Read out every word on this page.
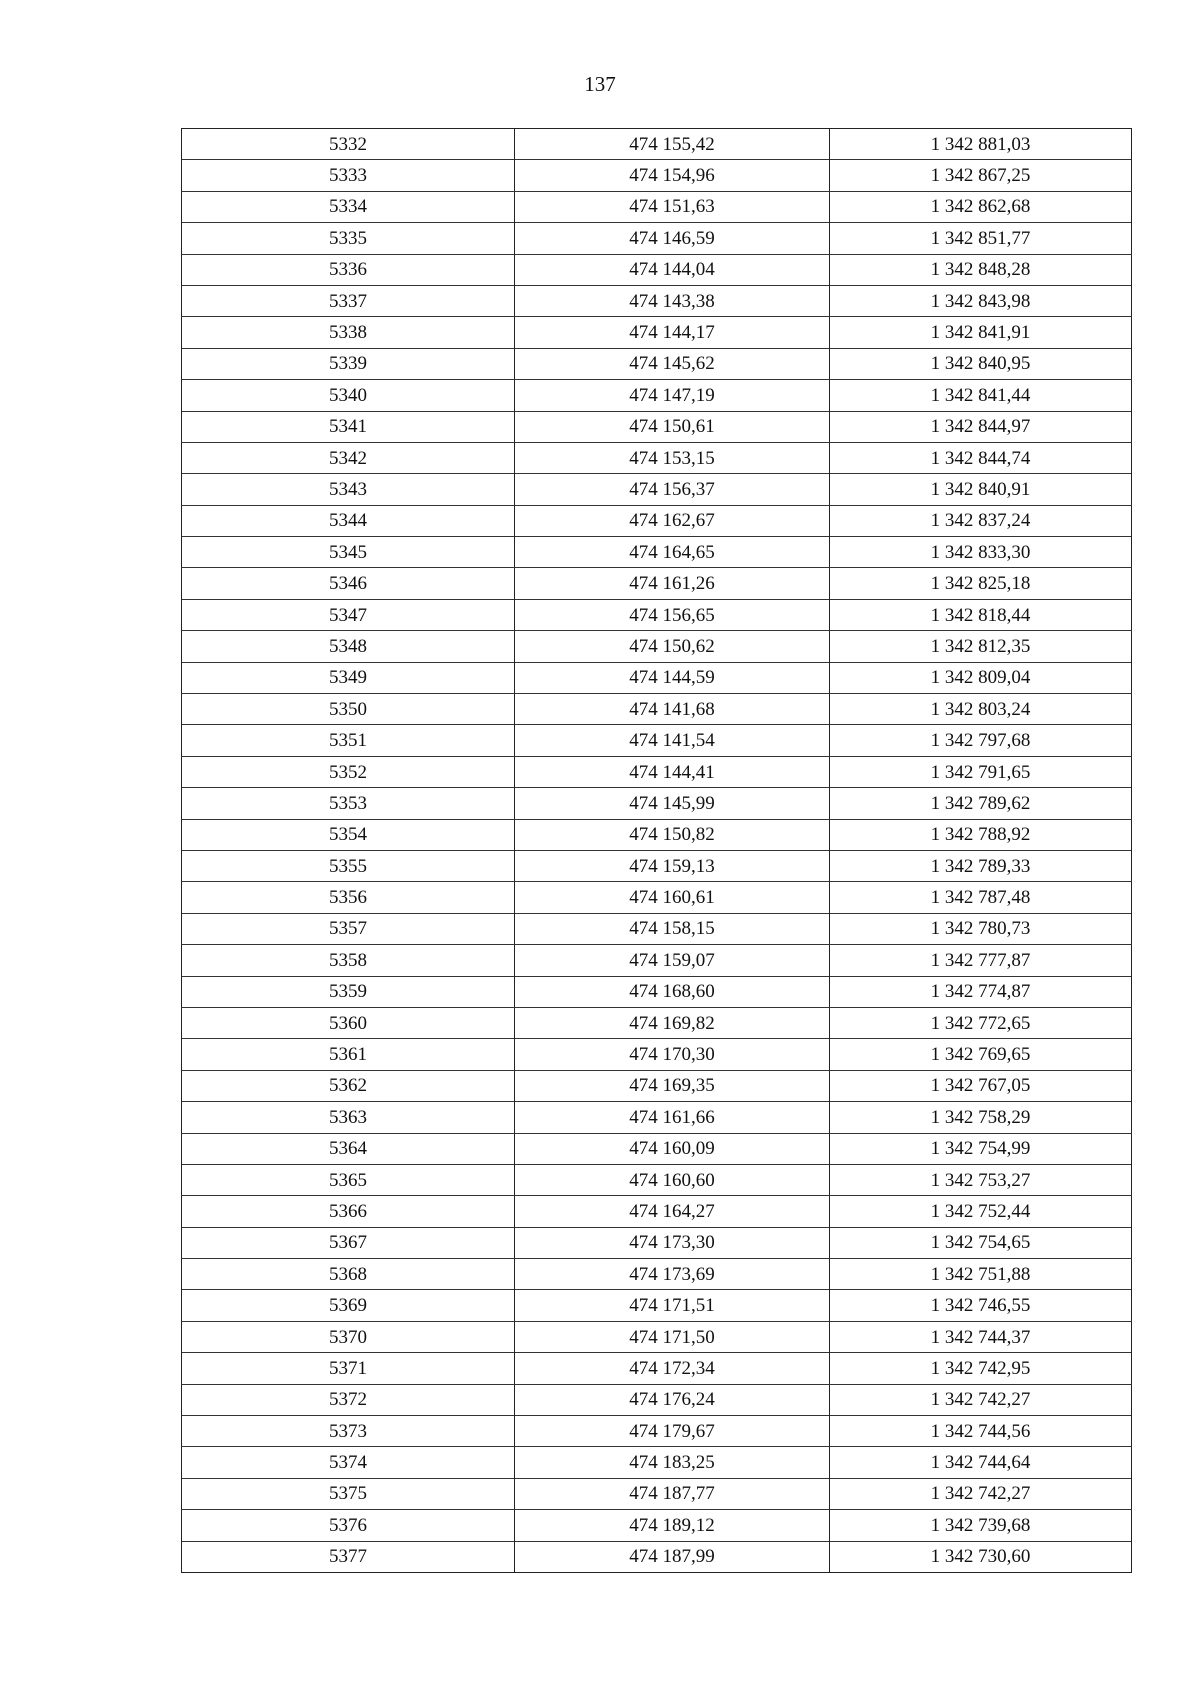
137
5332	474 155,42	1 342 881,03
5333	474 154,96	1 342 867,25
5334	474 151,63	1 342 862,68
5335	474 146,59	1 342 851,77
5336	474 144,04	1 342 848,28
5337	474 143,38	1 342 843,98
5338	474 144,17	1 342 841,91
5339	474 145,62	1 342 840,95
5340	474 147,19	1 342 841,44
5341	474 150,61	1 342 844,97
5342	474 153,15	1 342 844,74
5343	474 156,37	1 342 840,91
5344	474 162,67	1 342 837,24
5345	474 164,65	1 342 833,30
5346	474 161,26	1 342 825,18
5347	474 156,65	1 342 818,44
5348	474 150,62	1 342 812,35
5349	474 144,59	1 342 809,04
5350	474 141,68	1 342 803,24
5351	474 141,54	1 342 797,68
5352	474 144,41	1 342 791,65
5353	474 145,99	1 342 789,62
5354	474 150,82	1 342 788,92
5355	474 159,13	1 342 789,33
5356	474 160,61	1 342 787,48
5357	474 158,15	1 342 780,73
5358	474 159,07	1 342 777,87
5359	474 168,60	1 342 774,87
5360	474 169,82	1 342 772,65
5361	474 170,30	1 342 769,65
5362	474 169,35	1 342 767,05
5363	474 161,66	1 342 758,29
5364	474 160,09	1 342 754,99
5365	474 160,60	1 342 753,27
5366	474 164,27	1 342 752,44
5367	474 173,30	1 342 754,65
5368	474 173,69	1 342 751,88
5369	474 171,51	1 342 746,55
5370	474 171,50	1 342 744,37
5371	474 172,34	1 342 742,95
5372	474 176,24	1 342 742,27
5373	474 179,67	1 342 744,56
5374	474 183,25	1 342 744,64
5375	474 187,77	1 342 742,27
5376	474 189,12	1 342 739,68
5377	474 187,99	1 342 730,60
